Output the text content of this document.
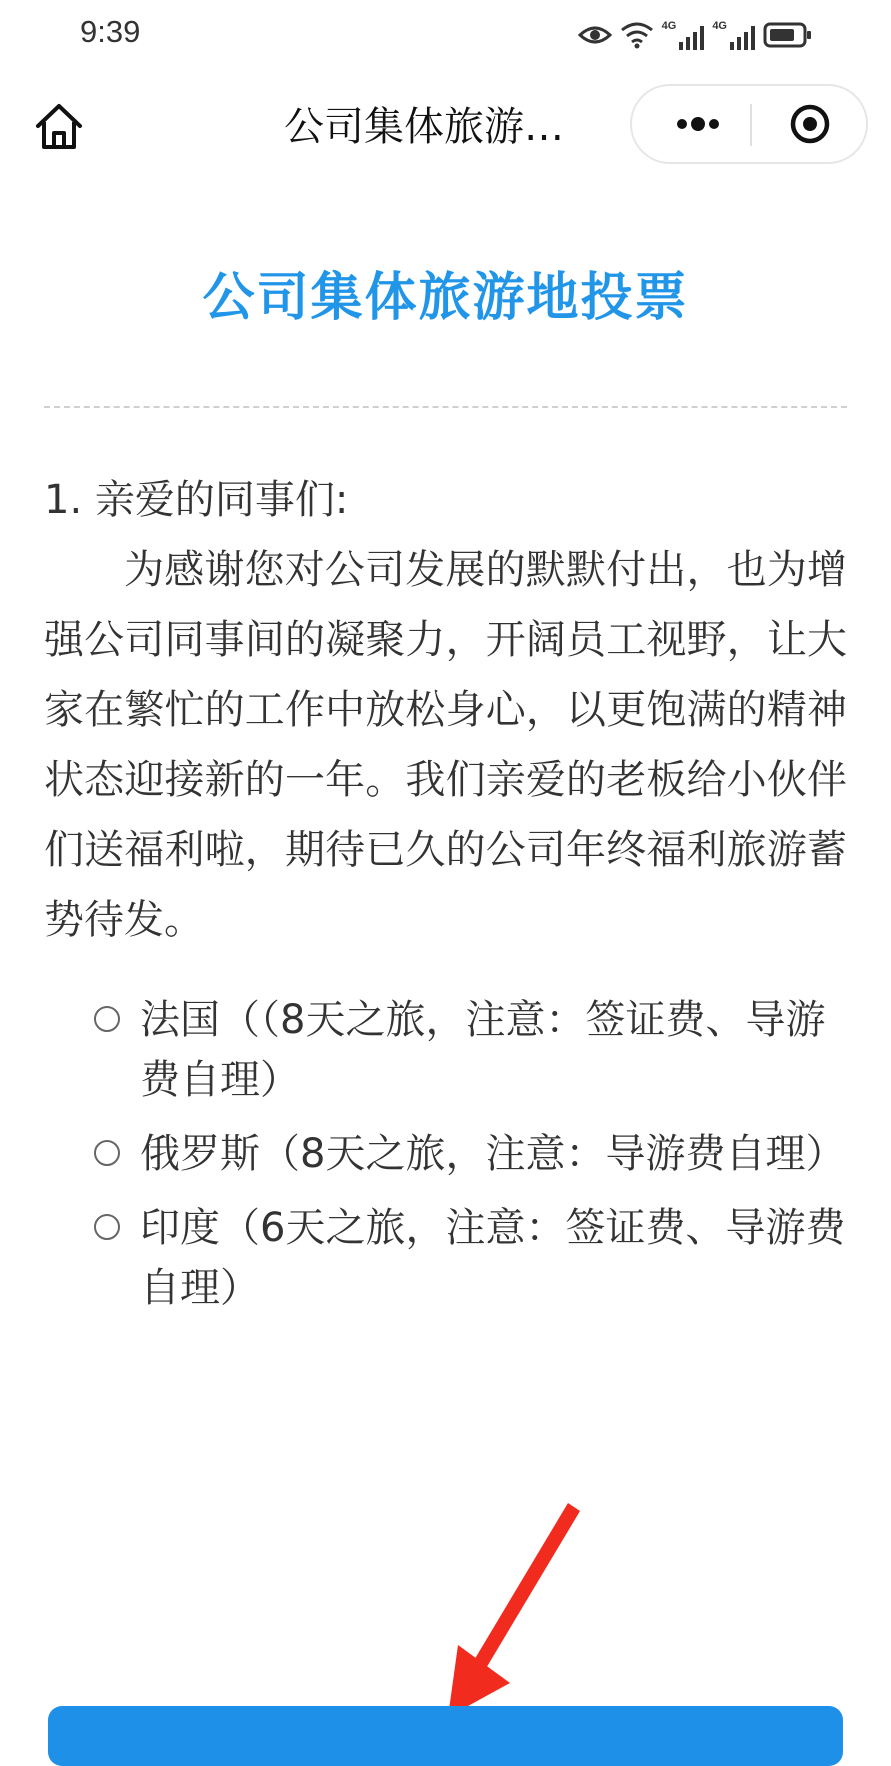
9:39	4G	4G
公司集体旅游…
公司集体旅游地投票
1. 亲爱的同事们:
为感谢您对公司发展的默默付出，也为增强公司同事间的凝聚力，开阔员工视野，让大家在繁忙的工作中放松身心，以更饱满的精神状态迎接新的一年。我们亲爱的老板给小伙伴们送福利啦，期待已久的公司年终福利旅游蓄势待发。
法国（（8天之旅，注意：签证费、导游费自理）
俄罗斯（8天之旅，注意：导游费自理）
印度（6天之旅，注意：签证费、导游费自理）
